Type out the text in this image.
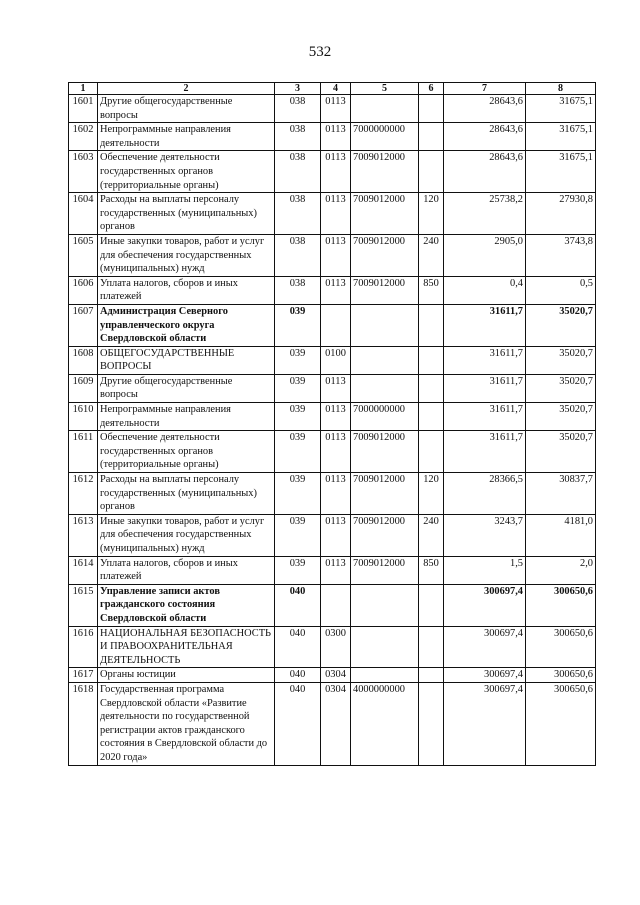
532
1	2	3	4	5	6	7	8
1601	Другие общегосударственные вопросы	038	0113			28643,6	31675,1
1602	Непрограммные направления деятельности	038	0113	7000000000		28643,6	31675,1
1603	Обеспечение деятельности государственных органов (территориальные органы)	038	0113	7009012000		28643,6	31675,1
1604	Расходы на выплаты персоналу государственных (муниципальных) органов	038	0113	7009012000	120	25738,2	27930,8
1605	Иные закупки товаров, работ и услуг для обеспечения государственных (муниципальных) нужд	038	0113	7009012000	240	2905,0	3743,8
1606	Уплата налогов, сборов и иных платежей	038	0113	7009012000	850	0,4	0,5
1607	Администрация Северного управленческого округа Свердловской области	039				31611,7	35020,7
1608	ОБЩЕГОСУДАРСТВЕННЫЕ ВОПРОСЫ	039	0100			31611,7	35020,7
1609	Другие общегосударственные вопросы	039	0113			31611,7	35020,7
1610	Непрограммные направления деятельности	039	0113	7000000000		31611,7	35020,7
1611	Обеспечение деятельности государственных органов (территориальные органы)	039	0113	7009012000		31611,7	35020,7
1612	Расходы на выплаты персоналу государственных (муниципальных) органов	039	0113	7009012000	120	28366,5	30837,7
1613	Иные закупки товаров, работ и услуг для обеспечения государственных (муниципальных) нужд	039	0113	7009012000	240	3243,7	4181,0
1614	Уплата налогов, сборов и иных платежей	039	0113	7009012000	850	1,5	2,0
1615	Управление записи актов гражданского состояния Свердловской области	040				300697,4	300650,6
1616	НАЦИОНАЛЬНАЯ БЕЗОПАСНОСТЬ И ПРАВООХРАНИТЕЛЬНАЯ ДЕЯТЕЛЬНОСТЬ	040	0300			300697,4	300650,6
1617	Органы юстиции	040	0304			300697,4	300650,6
1618	Государственная программа Свердловской области «Развитие деятельности по государственной регистрации актов гражданского состояния в Свердловской области до 2020 года»	040	0304	4000000000		300697,4	300650,6
